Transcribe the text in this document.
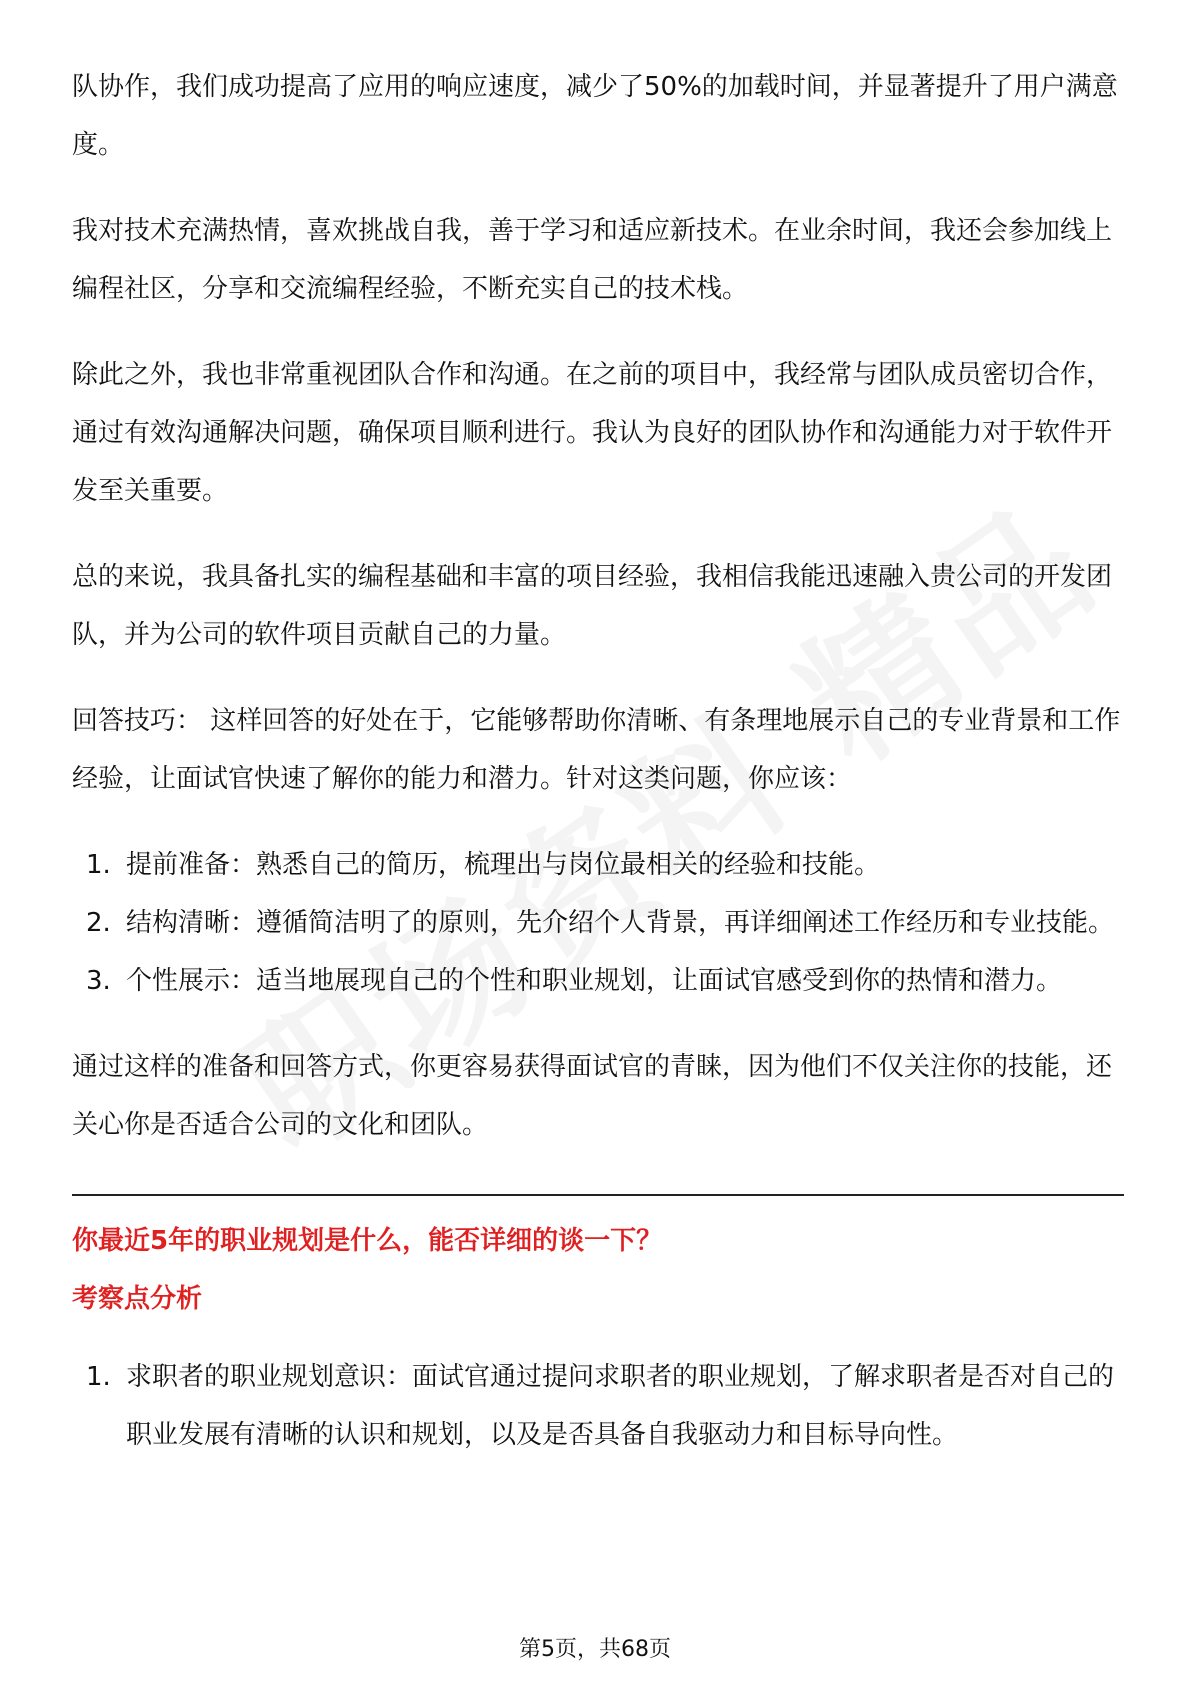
队协作，我们成功提高了应用的响应速度，减少了50%的加载时间，并显著提升了用户满意度。

我对技术充满热情，喜欢挑战自我，善于学习和适应新技术。在业余时间，我还会参加线上编程社区，分享和交流编程经验，不断充实自己的技术栈。

除此之外，我也非常重视团队合作和沟通。在之前的项目中，我经常与团队成员密切合作，通过有效沟通解决问题，确保项目顺利进行。我认为良好的团队协作和沟通能力对于软件开发至关重要。

总的来说，我具备扎实的编程基础和丰富的项目经验，我相信我能迅速融入贵公司的开发团队，并为公司的软件项目贡献自己的力量。

回答技巧： 这样回答的好处在于，它能够帮助你清晰、有条理地展示自己的专业背景和工作经验，让面试官快速了解你的能力和潜力。针对这类问题，你应该：

1. 提前准备：熟悉自己的简历，梳理出与岗位最相关的经验和技能。
2. 结构清晰：遵循简洁明了的原则，先介绍个人背景，再详细阐述工作经历和专业技能。
3. 个性展示：适当地展现自己的个性和职业规划，让面试官感受到你的热情和潜力。

通过这样的准备和回答方式，你更容易获得面试官的青睐，因为他们不仅关注你的技能，还关心你是否适合公司的文化和团队。

你最近5年的职业规划是什么，能否详细的谈一下？
考察点分析
1. 求职者的职业规划意识：面试官通过提问求职者的职业规划，了解求职者是否对自己的职业发展有清晰的认识和规划，以及是否具备自我驱动力和目标导向性。
第5页，共68页
